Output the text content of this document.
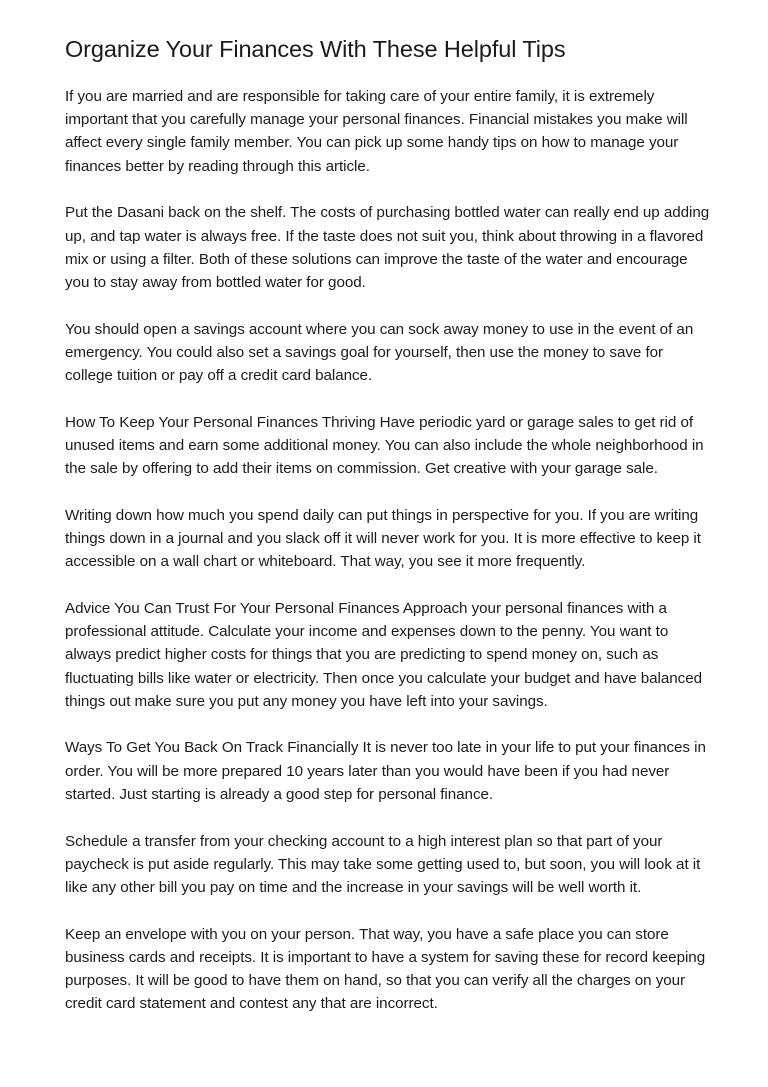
Organize Your Finances With These Helpful Tips

If you are married and are responsible for taking care of your entire family, it is extremely important that you carefully manage your personal finances. Financial mistakes you make will affect every single family member. You can pick up some handy tips on how to manage your finances better by reading through this article.

Put the Dasani back on the shelf. The costs of purchasing bottled water can really end up adding up, and tap water is always free. If the taste does not suit you, think about throwing in a flavored mix or using a filter. Both of these solutions can improve the taste of the water and encourage you to stay away from bottled water for good.

You should open a savings account where you can sock away money to use in the event of an emergency. You could also set a savings goal for yourself, then use the money to save for college tuition or pay off a credit card balance.

How To Keep Your Personal Finances Thriving Have periodic yard or garage sales to get rid of unused items and earn some additional money. You can also include the whole neighborhood in the sale by offering to add their items on commission. Get creative with your garage sale.

Writing down how much you spend daily can put things in perspective for you. If you are writing things down in a journal and you slack off it will never work for you. It is more effective to keep it accessible on a wall chart or whiteboard. That way, you see it more frequently.

Advice You Can Trust For Your Personal Finances Approach your personal finances with a professional attitude. Calculate your income and expenses down to the penny. You want to always predict higher costs for things that you are predicting to spend money on, such as fluctuating bills like water or electricity. Then once you calculate your budget and have balanced things out make sure you put any money you have left into your savings.

Ways To Get You Back On Track Financially It is never too late in your life to put your finances in order. You will be more prepared 10 years later than you would have been if you had never started. Just starting is already a good step for personal finance.

Schedule a transfer from your checking account to a high interest plan so that part of your paycheck is put aside regularly. This may take some getting used to, but soon, you will look at it like any other bill you pay on time and the increase in your savings will be well worth it.

Keep an envelope with you on your person. That way, you have a safe place you can store business cards and receipts. It is important to have a system for saving these for record keeping purposes. It will be good to have them on hand, so that you can verify all the charges on your credit card statement and contest any that are incorrect.
